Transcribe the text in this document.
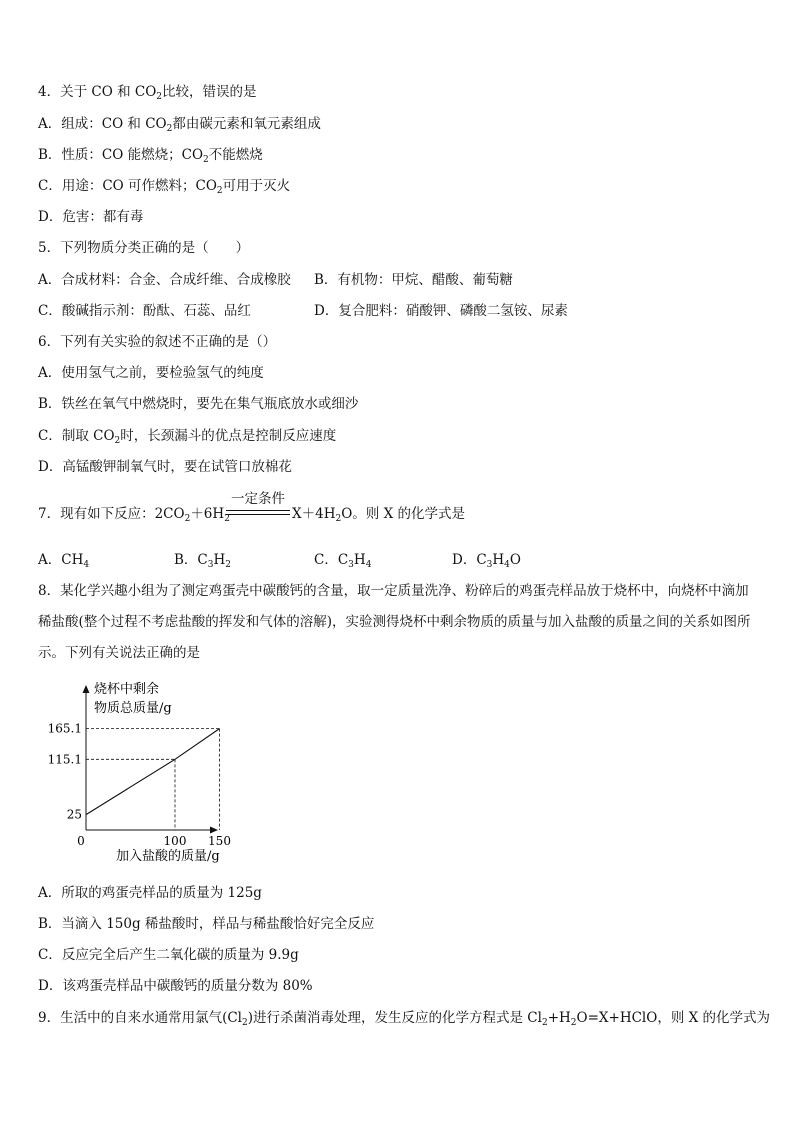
4．关于 CO 和 $CO_2$比较，错误的是
A．组成：CO 和 $CO_2$都由碳元素和氧元素组成
B．性质：CO 能燃烧；$CO_2$不能燃烧
C．用途：CO 可作燃料；$CO_2$可用于灭火
D．危害：都有毒
5．下列物质分类正确的是（　　）
A．合成材料：合金、合成纤维、合成橡胶 B．有机物：甲烷、醋酸、葡萄糖
C．酸碱指示剂：酚酞、石蕊、品红	D．复合肥料：硝酸钾、磷酸二氢铵、尿素
6．下列有关实验的叙述不正确的是（）
A．使用氢气之前，要检验氢气的纯度
B．铁丝在氧气中燃烧时，要先在集气瓶底放水或细沙
C．制取 $CO_2$时，长颈漏斗的优点是控制反应速度
D．高锰酸钾制氧气时，要在试管口放棉花
7．现有如下反应：$2CO_2+6H_2$
一定条件
$X+4H_2O$。则 X 的化学式是
A．$CH_4$	B．$C_3H_2$	C．$C_3H_4$	D．$C_3H_4O$
8．某化学兴趣小组为了测定鸡蛋壳中碳酸钙的含量，取一定质量洗净、粉碎后的鸡蛋壳样品放于烧杯中，向烧杯中滴加稀盐酸(整个过程不考虑盐酸的挥发和气体的溶解)，实验测得烧杯中剩余物质的质量与加入盐酸的质量之间的关系如图所示。下列有关说法正确的是
烧杯中剩余
物质总质量/g
0	100 150
25
115.1
165.1
加入盐酸的质量/g
A．所取的鸡蛋壳样品的质量为 125g
B．当滴入 150g 稀盐酸时，样品与稀盐酸恰好完全反应
C．反应完全后产生二氧化碳的质量为 9.9g
D．该鸡蛋壳样品中碳酸钙的质量分数为 80%
9．生活中的自来水通常用氯气$(Cl_2)$进行杀菌消毒处理，发生反应的化学方程式是 $Cl_2+H_2O=X+HClO$，则 X 的化学式为
